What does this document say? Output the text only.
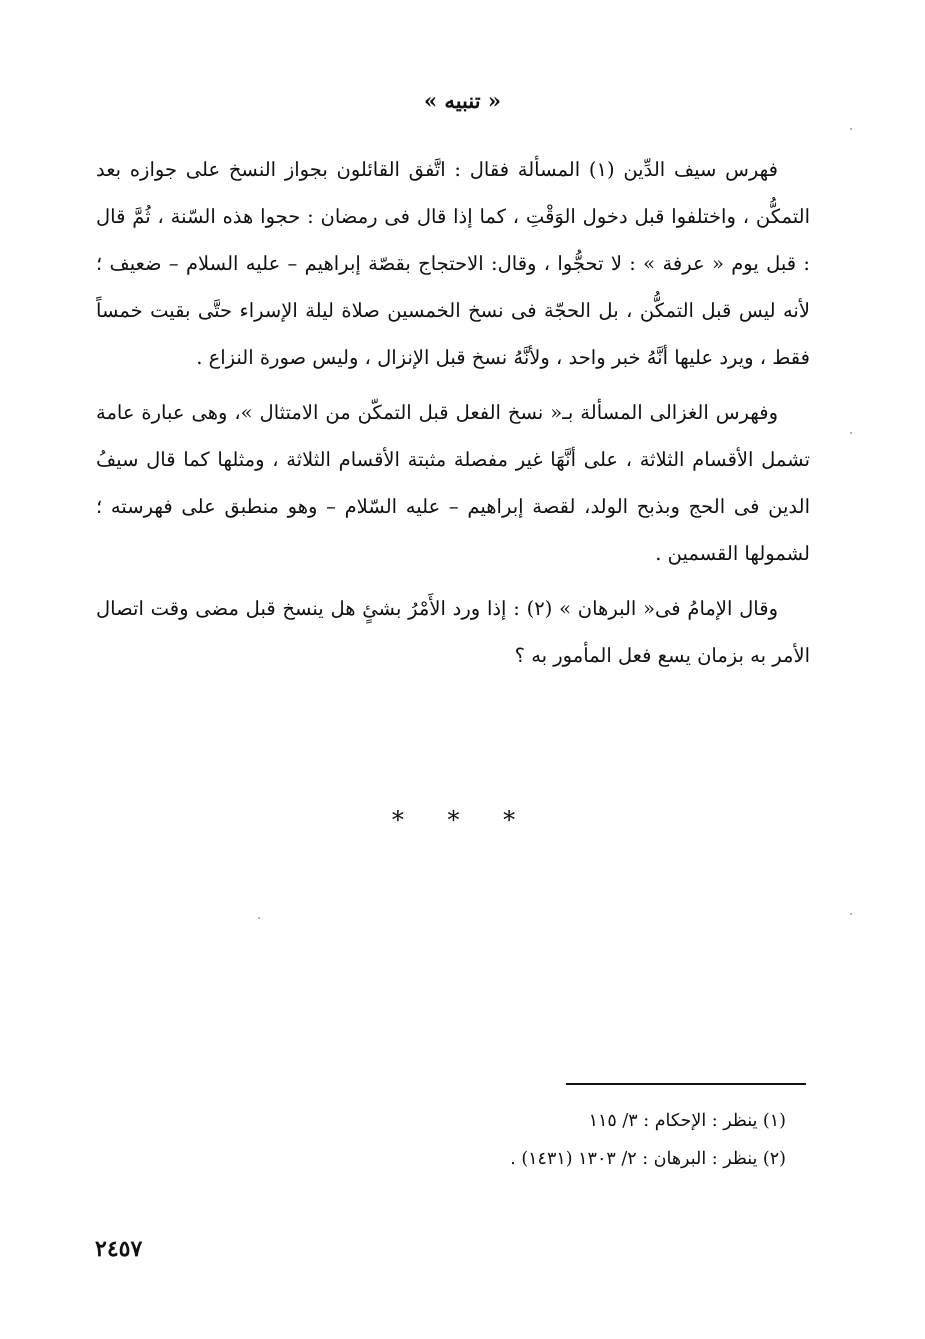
« تنبيه »

فهرس سيف الدِّين (١) المسألة فقال : اتَّفق القائلون بجواز النسخ على جوازه بعد التمكُّن ، واختلفوا قبل دخول الوَقْتِ ، كما إذا قال فى رمضان : حجوا هذه السّنة ، ثُمَّ قال : قبل يوم « عرفة » : لا تحجُّوا ، وقال: الاحتجاج بقصّة إبراهيم – عليه السلام – ضعيف ؛ لأنه ليس قبل التمكُّن ، بل الحجّة فى نسخ الخمسين صلاة ليلة الإسراء حتَّى بقيت خمساً فقط ، ويرد عليها أنَّهُ خبر واحد ، ولأنَّهُ نسخ قبل الإنزال ، وليس صورة النزاع .

وفهرس الغزالى المسألة بـ« نسخ الفعل قبل التمكّن من الامتثال »، وهى عبارة عامة تشمل الأقسام الثلاثة ، على أنَّهَا غير مفصلة مثبتة الأقسام الثلاثة ، ومثلها كما قال سيفُ الدين فى الحج وبذبح الولد، لقصة إبراهيم – عليه السّلام – وهو منطبق على فهرسته ؛ لشمولها القسمين .

وقال الإمامُ فى« البرهان » (٢) : إذا ورد الأَمْرُ بشئٍ هل ينسخ قبل مضى وقت اتصال الأمر به بزمان يسع فعل المأمور به ؟

* * *
(١) ينظر : الإحكام : ٣/ ١١٥
(٢) ينظر : البرهان : ٢/ ١٣٠٣ (١٤٣١) .
٢٤٥٧
